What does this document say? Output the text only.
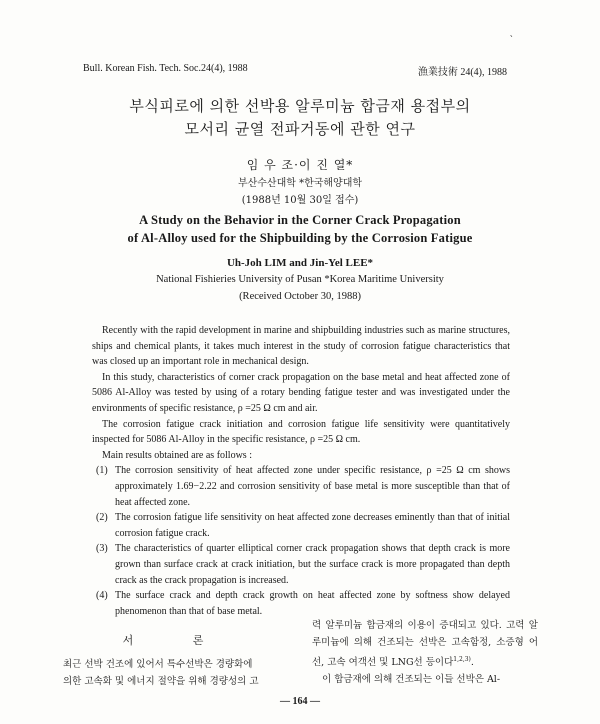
`
Bull. Korean Fish. Tech. Soc.24(4), 1988	漁業技術 24(4), 1988
부식피로에 의한 선박용 알루미늄 합금재 용접부의
모서리 균열 전파거동에 관한 연구
임 우 조·이 진 열*
부산수산대학 *한국해양대학
(1988년 10월 30일 접수)
A Study on the Behavior in the Corner Crack Propagation
of Al-Alloy used for the Shipbuilding by the Corrosion Fatigue
Uh-Joh LIM and Jin-Yel LEE*
National Fishieries University of Pusan *Korea Maritime University
(Received October 30, 1988)

Recently with the rapid development in marine and shipbuilding industries such as marine structures, ships and chemical plants, it takes much interest in the study of corrosion fatigue characteristics that was closed up an important role in mechanical design.

In this study, characteristics of corner crack propagation on the base metal and heat affected zone of 5086 Al-Alloy was tested by using of a rotary bending fatigue tester and was investigated under the environments of specific resistance, ρ =25 Ω cm and air.

The corrosion fatigue crack initiation and corrosion fatigue life sensitivity were quantitatively inspected for 5086 Al-Alloy in the specific resistance, ρ =25 Ω cm.

Main results obtained are as follows :

(1) The corrosion sensitivity of heat affected zone under specific resistance, ρ =25 Ω cm shows approximately 1.69−2.22 and corrosion sensitivity of base metal is more susceptible than that of heat affected zone.
(2) The corrosion fatigue life sensitivity on heat affected zone decreases eminently than that of initial corrosion fatigue crack.
(3) The characteristics of quarter elliptical corner crack propagation shows that depth crack is more grown than surface crack at crack initiation, but the surface crack is more propagated than depth crack as the crack propagation is increased.
(4) The surface crack and depth crack growth on heat affected zone by softness show delayed phenomenon than that of base metal.
서 론

최근 선박 건조에 있어서 특수선박은 경량화에

의한 고속화 및 에너지 절약을 위해 경량성의 고

력 알루미늄 합금재의 이용이 증대되고 있다. 고력 알루미늄에 의해 건조되는 선박은 고속함정, 소증형 어선, 고속 여객선 및 LNG선 등이다$^{1,2,3)}$.

이 합금재에 의해 건조되는 이들 선박은 Al-

— 164 —
